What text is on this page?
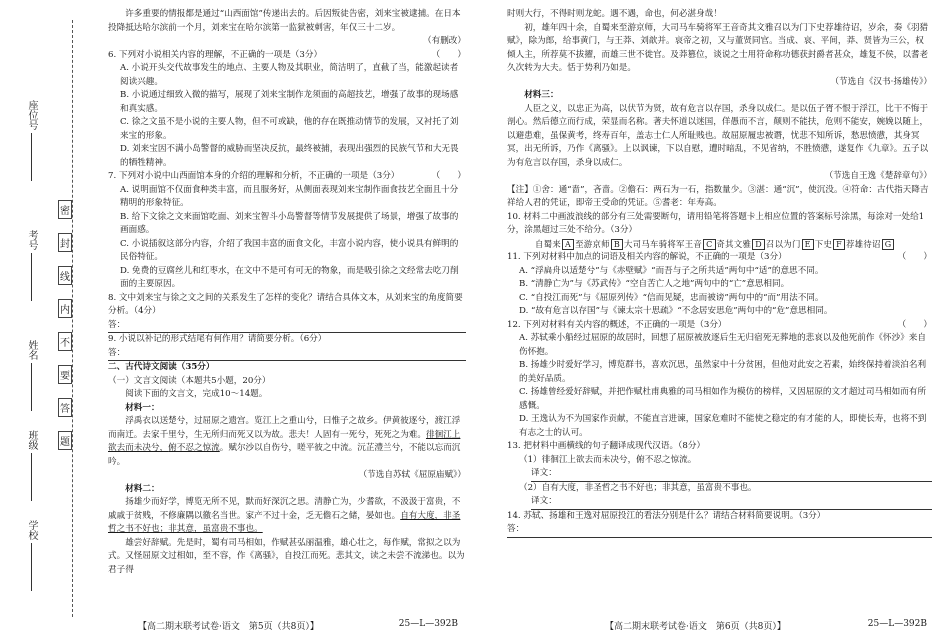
座位号
考号
姓名
班级
学校
密
封
线
内
不
要
答
题

许多重要的情报都是通过“山西面馆”传递出去的。后因叛徒告密，刘来宝被逮捕。在日本投降抵达哈尔滨前一个月，刘来宝在哈尔滨第一监狱被刺害，年仅三十二岁。

（有删改）

6. 下列对小说相关内容的理解，不正确的一项是（3分）	（　　）

A. 小说开头交代故事发生的地点、主要人物及其职业，简洁明了，直截了当，能激起读者阅读兴趣。

B. 小说通过细致入微的描写，展现了刘来宝制作龙须面的高超技艺，增强了故事的现场感和真实感。

C. 徐之文虽不是小说的主要人物，但不可或缺，他的存在既推动情节的发展，又衬托了刘来宝的形象。

D. 刘来宝因不满小岛警督的威胁而坚决反抗，最终被捕，表现出强烈的民族气节和大无畏的牺牲精神。

7. 下列对小说中山西面馆本身的介绍的理解和分析，不正确的一项是（3分）	（　　）

A. 说明面馆不仅面食种类丰富，而且服务好，从侧面表现刘来宝制作面食技艺全面且十分精明的形象特征。

B. 给下文徐之文来面馆吃面、刘来宝智斗小岛警督等情节发展提供了场景，增强了故事的画面感。

C. 小说插叙这部分内容，介绍了我国丰富的面食文化，丰富小说内容，使小说具有鲜明的民俗特征。

D. 免费的豆腐丝儿和红枣水，在文中不是可有可无的物象，而是吸引徐之文经常去吃刀削面的主要原因。

8. 文中刘来宝与徐之文之间的关系发生了怎样的变化？请结合具体文本，从刘来宝的角度简要分析。（4分）

答：

9. 小说以补记的形式结尾有何作用？请简要分析。（6分）

答：

二、古代诗文阅读（35分）

（一）文言文阅读（本题共5小题，20分）

阅读下面的文言文，完成10～14题。

材料一：

浮禹衣以送楚兮，过屈原之遗宫。览江上之重山兮，曰惟子之故乡。伊黄彼逐兮，渡江浮而南迁。去家千里兮，生无所归而死又以为故。悲夫！人固有一死兮，死死之为难。徘徊江上欲去而未决兮，俯不忍之惊流。赋尔沙以自伤兮，嗟平彼之中流。沅芷澧兰兮，不能以忘而沉吟。

（节选自苏轼《屈原庙赋》）

材料二：

扬雄少而好学，博览无所不见，默而好深沉之思。清静亡为，少耆欲，不汲汲于富贵，不戚戚于贫贱，不修廉隅以徼名当世。家产不过十金，乏无儋石之储，晏如也。自有大度，非圣哲之书不好也；非其意，虽富贵不事也。

雄尝好辞赋。先是时，蜀有司马相如，作赋甚弘丽温雅，雄心壮之，每作赋，常拟之以为式。又怪屈原文过相如，至不容，作《离骚》，自投江而死。悲其文，读之未尝不流涕也。以为君子得

【高二期末联考试卷·语文　第5页（共8页）】	25—L—392B

时则大行，不得时则龙蛇。遇不遇，命也，何必湛身哉！

初，雄年四十余，自蜀来至游京师，大司马车骑将军王音奇其文雅召以为门下史荐雄待诏，岁余，奏《羽猎赋》，除为郎，给事黄门，与王莽、刘歆并。哀帝之初，又与董贤同官。当成、哀、平间，莽、贤皆为三公，权倾人主，所荐莫不拔擢，而雄三世不徙官。及莽篡位，谈说之士用符命称功德获封爵者甚众，雄复不侯，以耆老久次转为大夫。恬于势利乃如是。

（节选自《汉书·扬雄传》）

材料三：

人臣之义，以忠正为高，以伏节为贤，故有危言以存国，杀身以成仁。是以伍子胥不恨于浮江，比干不悔于剖心。然后德立而行成，荣显而名称。著夫怀道以迷国，佯愚而不言，颠则不能扶，危则不能安，婉娩以随上，以避患难，虽保黄考，终寿百年，盖志士仁人所耻贱也。故屈原履忠被谮，忧悲不知所诉，愁思愤懑，其身冥冥，出无所诉，乃作《离骚》。上以讽谏，下以自慰，遭时暗乱，不见省纳，不胜愤懑，遂复作《九章》。五子以为有危言以存国，杀身以成仁。

（节选自王逸《楚辞章句》）

【注】①舍：通“啬”，吝啬。②儋石：两石为一石，指数量少。③湛：通“沉”，使沉没。④符命：古代指天降吉祥给人君的凭证，即帝王受命的凭证。⑤耆老：年寿高。

10. 材料二中画波浪线的部分有三处需要断句，请用铅笔将答题卡上相应位置的答案标号涂黑，每涂对一处给1分，涂黑超过三处不给分。（3分）

自蜀来 A 至游京师 B 大司马车骑将军王音 C 奇其文雅 D 召以为门 E 下史 F 荐雄待诏 G

11. 下列对材料中加点的词语及相关内容的解说，不正确的一项是（3分）	（　　）

A. “浮扁舟以适楚兮”与《赤壁赋》“而吾与子之所共适”两句中“适”的意思不同。

B. “清静亡为”与《苏武传》“空自苦亡人之地”两句中的“亡”意思相同。

C. “自投江而死”与《屈原列传》“信而见疑，忠而被谤”两句中的“而”用法不同。

D. “故有危言以存国”与《谏太宗十思疏》“不念居安思危”两句中的“危”意思相同。

12. 下列对材料有关内容的概述，不正确的一项是（3分）	（　　）

A. 苏轼乘小船经过屈原的故居时，回想了屈原被放逐后生无归宿死无葬地的悲哀以及他死前作《怀沙》来自伤怀抱。

B. 扬雄少时爱好学习，博览群书，喜欢沉思，虽然家中十分贫困，但他对此安之若素，始终保持着淡泊名利的美好品质。

C. 扬雄曾经爱好辞赋，并把作赋杜甫典雅的司马相如作为模仿的榜样，又因屈原的文才超过司马相如而有所感慨。

D. 王逸认为不为国家作贡献，不能直言进谏，国家危难时不能使之稳定的有才能的人，即使长寿，也将不到有志之士的认可。

13. 把材料中画横线的句子翻译成现代汉语。（8分）

（1）徘徊江上欲去而未决兮，俯不忍之惊流。

译文：

（2）自有大度，非圣哲之书不好也；非其意，虽富贵不事也。

译文：

14. 苏轼、扬雄和王逸对屈原投江的看法分别是什么？请结合材料简要说明。（3分）

答：

【高二期末联考试卷·语文　第6页（共8页）】	25—L—392B
